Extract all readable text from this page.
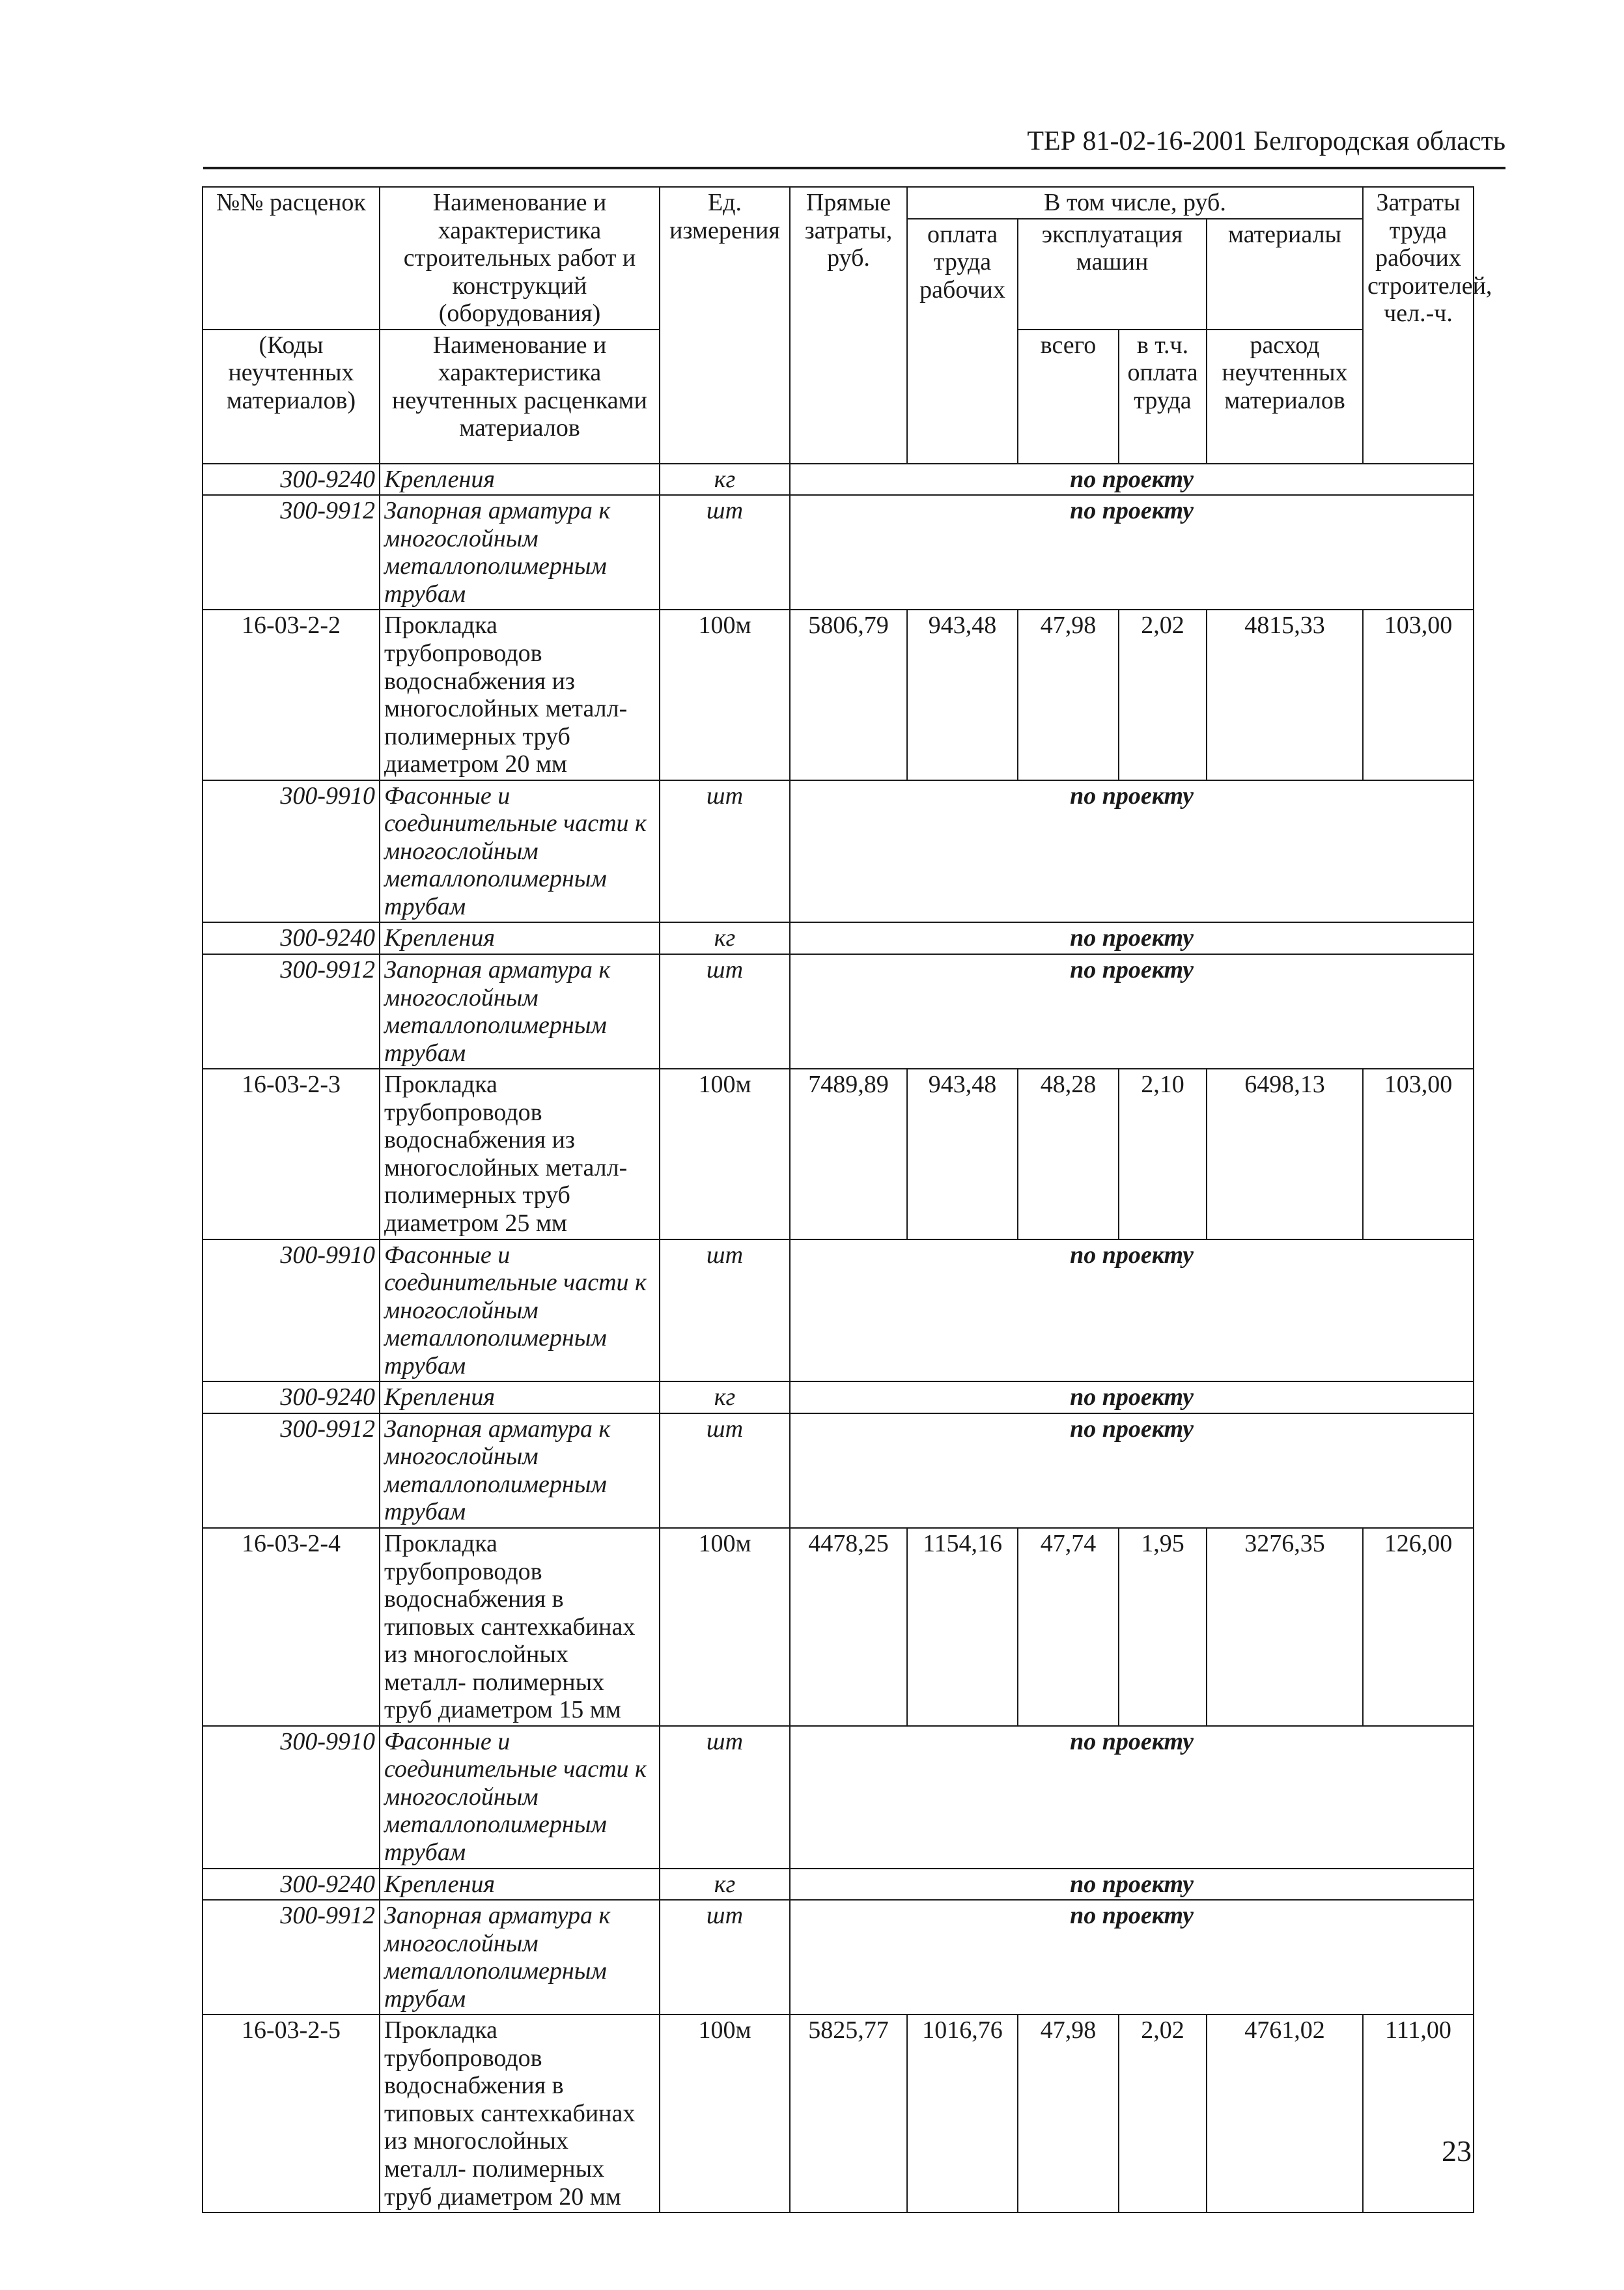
ТЕР 81-02-16-2001 Белгородская область
№№ расценок	Наименование и характеристика строительных работ и конструкций (оборудования)	Ед. измерения	Прямые затраты, руб.	В том числе, руб.				Затраты труда рабочих строителей, чел.-ч.
				оплата труда рабочих	эксплуатация машин		материалы	
(Коды неучтенных материалов)	Наименование и характеристика неучтенных расценками материалов				всего	в т.ч. оплата труда	расход неучтенных материалов	
300-9240	Крепления	кг	по проекту					
300-9912	Запорная арматура к многослойным металлополимерным трубам	шт	по проекту					
16-03-2-2	Прокладка трубопроводов водоснабжения из многослойных металл-полимерных труб диаметром 20 мм	100м	5806,79	943,48	47,98	2,02	4815,33	103,00
300-9910	Фасонные и соединительные части к многослойным металлополимерным трубам	шт	по проекту					
300-9240	Крепления	кг	по проекту					
300-9912	Запорная арматура к многослойным металлополимерным трубам	шт	по проекту					
16-03-2-3	Прокладка трубопроводов водоснабжения из многослойных металл-полимерных труб диаметром 25 мм	100м	7489,89	943,48	48,28	2,10	6498,13	103,00
300-9910	Фасонные и соединительные части к многослойным металлополимерным трубам	шт	по проекту					
300-9240	Крепления	кг	по проекту					
300-9912	Запорная арматура к многослойным металлополимерным трубам	шт	по проекту					
16-03-2-4	Прокладка трубопроводов водоснабжения в типовых сантехкабинах из многослойных металл- полимерных труб диаметром 15 мм	100м	4478,25	1154,16	47,74	1,95	3276,35	126,00
300-9910	Фасонные и соединительные части к многослойным металлополимерным трубам	шт	по проекту					
300-9240	Крепления	кг	по проекту					
300-9912	Запорная арматура к многослойным металлополимерным трубам	шт	по проекту					
16-03-2-5	Прокладка трубопроводов водоснабжения в типовых сантехкабинах из многослойных металл- полимерных труб диаметром 20 мм	100м	5825,77	1016,76	47,98	2,02	4761,02	111,00
23
